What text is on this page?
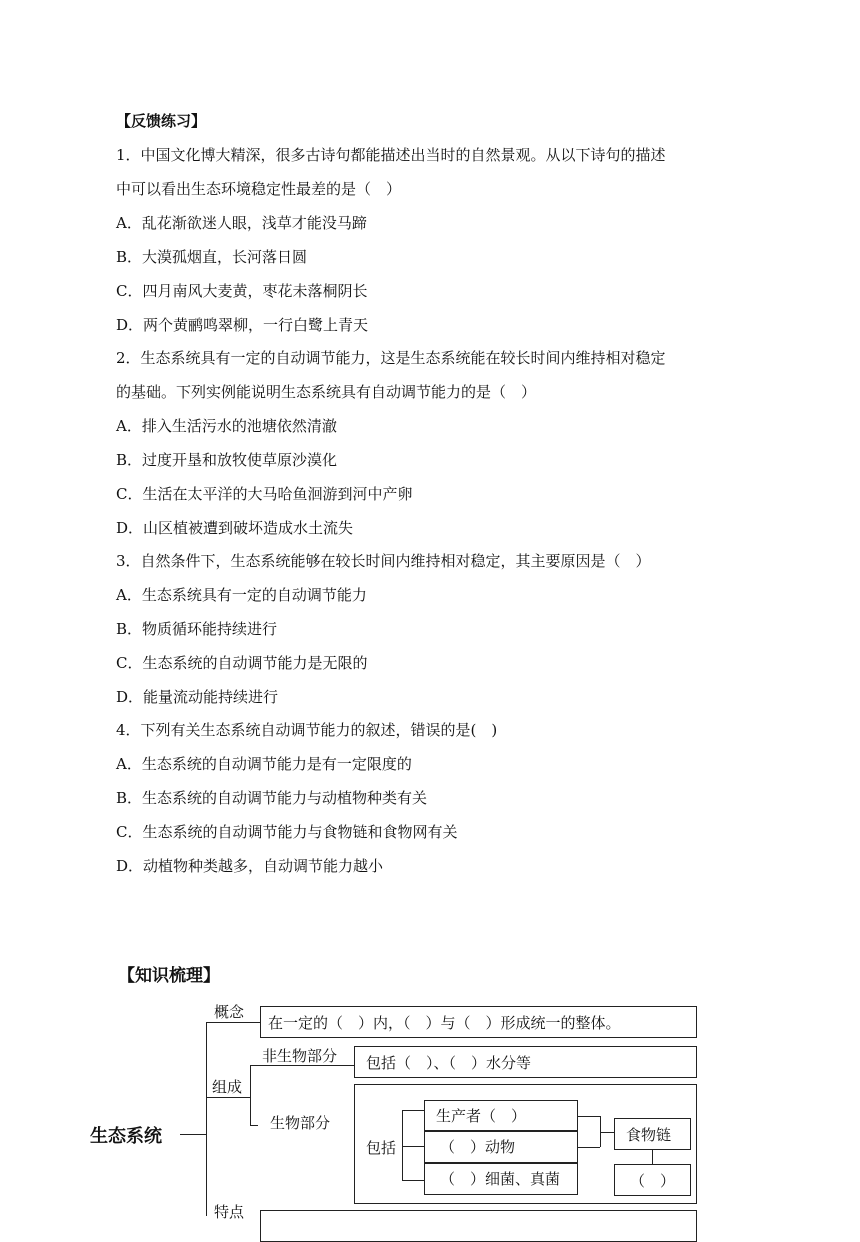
【反馈练习】
1．中国文化博大精深，很多古诗句都能描述出当时的自然景观。从以下诗句的描述
中可以看出生态环境稳定性最差的是（　）
A．乱花渐欲迷人眼，浅草才能没马蹄
B．大漠孤烟直，长河落日圆
C．四月南风大麦黄，枣花未落桐阴长
D．两个黄鹂鸣翠柳，一行白鹭上青天
2．生态系统具有一定的自动调节能力，这是生态系统能在较长时间内维持相对稳定
的基础。下列实例能说明生态系统具有自动调节能力的是（　）
A．排入生活污水的池塘依然清澈
B．过度开垦和放牧使草原沙漠化
C．生活在太平洋的大马哈鱼洄游到河中产卵
D．山区植被遭到破坏造成水土流失
3．自然条件下，生态系统能够在较长时间内维持相对稳定，其主要原因是（　）
A．生态系统具有一定的自动调节能力
B．物质循环能持续进行
C．生态系统的自动调节能力是无限的
D．能量流动能持续进行
4．下列有关生态系统自动调节能力的叙述，错误的是(　)
A．生态系统的自动调节能力是有一定限度的
B．生态系统的自动调节能力与动植物种类有关
C．生态系统的自动调节能力与食物链和食物网有关
D．动植物种类越多，自动调节能力越小
【知识梳理】
生态系统
概念
在一定的（　）内，（　）与（　）形成统一的整体。
组成
非生物部分 包括（　）、（　）水分等
生物部分
包括
生产者（　）
（　）动物
（　）细菌、真菌
食物链
（　）
特点
